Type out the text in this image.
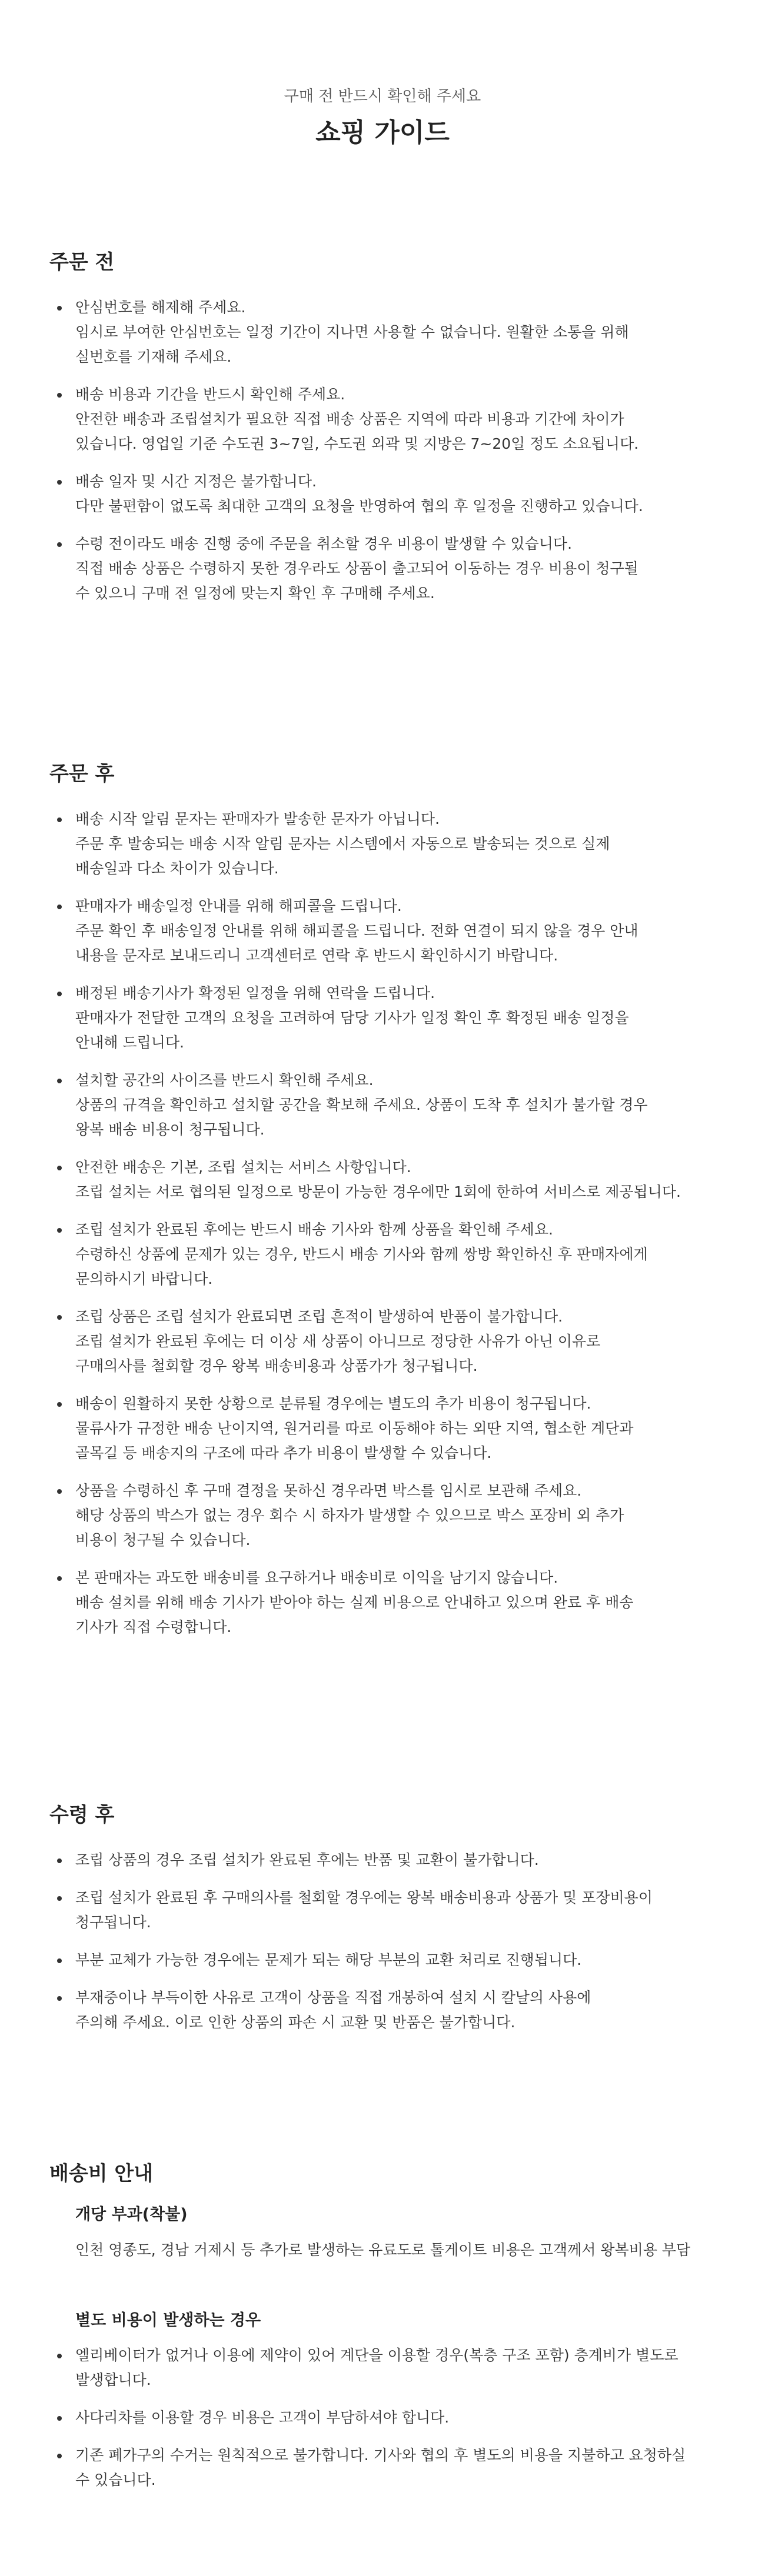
구매 전 반드시 확인해 주세요
쇼핑 가이드
주문 전
안심번호를 해제해 주세요.
임시로 부여한 안심번호는 일정 기간이 지나면 사용할 수 없습니다. 원활한 소통을 위해
실번호를 기재해 주세요.
배송 비용과 기간을 반드시 확인해 주세요.
안전한 배송과 조립설치가 필요한 직접 배송 상품은 지역에 따라 비용과 기간에 차이가
있습니다. 영업일 기준 수도권 3~7일, 수도권 외곽 및 지방은 7~20일 정도 소요됩니다.
배송 일자 및 시간 지정은 불가합니다.
다만 불편함이 없도록 최대한 고객의 요청을 반영하여 협의 후 일정을 진행하고 있습니다.
수령 전이라도 배송 진행 중에 주문을 취소할 경우 비용이 발생할 수 있습니다.
직접 배송 상품은 수령하지 못한 경우라도 상품이 출고되어 이동하는 경우 비용이 청구될
수 있으니 구매 전 일정에 맞는지 확인 후 구매해 주세요.
주문 후
배송 시작 알림 문자는 판매자가 발송한 문자가 아닙니다.
주문 후 발송되는 배송 시작 알림 문자는 시스템에서 자동으로 발송되는 것으로 실제
배송일과 다소 차이가 있습니다.
판매자가 배송일정 안내를 위해 해피콜을 드립니다.
주문 확인 후 배송일정 안내를 위해 해피콜을 드립니다. 전화 연결이 되지 않을 경우 안내
내용을 문자로 보내드리니 고객센터로 연락 후 반드시 확인하시기 바랍니다.
배정된 배송기사가 확정된 일정을 위해 연락을 드립니다.
판매자가 전달한 고객의 요청을 고려하여 담당 기사가 일정 확인 후 확정된 배송 일정을
안내해 드립니다.
설치할 공간의 사이즈를 반드시 확인해 주세요.
상품의 규격을 확인하고 설치할 공간을 확보해 주세요. 상품이 도착 후 설치가 불가할 경우
왕복 배송 비용이 청구됩니다.
안전한 배송은 기본, 조립 설치는 서비스 사항입니다.
조립 설치는 서로 협의된 일정으로 방문이 가능한 경우에만 1회에 한하여 서비스로 제공됩니다.
조립 설치가 완료된 후에는 반드시 배송 기사와 함께 상품을 확인해 주세요.
수령하신 상품에 문제가 있는 경우, 반드시 배송 기사와 함께 쌍방 확인하신 후 판매자에게
문의하시기 바랍니다.
조립 상품은 조립 설치가 완료되면 조립 흔적이 발생하여 반품이 불가합니다.
조립 설치가 완료된 후에는 더 이상 새 상품이 아니므로 정당한 사유가 아닌 이유로
구매의사를 철회할 경우 왕복 배송비용과 상품가가 청구됩니다.
배송이 원활하지 못한 상황으로 분류될 경우에는 별도의 추가 비용이 청구됩니다.
물류사가 규정한 배송 난이지역, 원거리를 따로 이동해야 하는 외딴 지역, 협소한 계단과
골목길 등 배송지의 구조에 따라 추가 비용이 발생할 수 있습니다.
상품을 수령하신 후 구매 결정을 못하신 경우라면 박스를 임시로 보관해 주세요.
해당 상품의 박스가 없는 경우 회수 시 하자가 발생할 수 있으므로 박스 포장비 외 추가
비용이 청구될 수 있습니다.
본 판매자는 과도한 배송비를 요구하거나 배송비로 이익을 남기지 않습니다.
배송 설치를 위해 배송 기사가 받아야 하는 실제 비용으로 안내하고 있으며 완료 후 배송
기사가 직접 수령합니다.
수령 후
조립 상품의 경우 조립 설치가 완료된 후에는 반품 및 교환이 불가합니다.
조립 설치가 완료된 후 구매의사를 철회할 경우에는 왕복 배송비용과 상품가 및 포장비용이
청구됩니다.
부분 교체가 가능한 경우에는 문제가 되는 해당 부분의 교환 처리로 진행됩니다.
부재중이나 부득이한 사유로 고객이 상품을 직접 개봉하여 설치 시 칼날의 사용에
주의해 주세요. 이로 인한 상품의 파손 시 교환 및 반품은 불가합니다.
배송비 안내
개당 부과(착불)
인천 영종도, 경남 거제시 등 추가로 발생하는 유료도로 톨게이트 비용은 고객께서 왕복비용 부담
별도 비용이 발생하는 경우
엘리베이터가 없거나 이용에 제약이 있어 계단을 이용할 경우(복층 구조 포함) 층계비가 별도로
발생합니다.
사다리차를 이용할 경우 비용은 고객이 부담하셔야 합니다.
기존 폐가구의 수거는 원칙적으로 불가합니다. 기사와 협의 후 별도의 비용을 지불하고 요청하실
수 있습니다.
